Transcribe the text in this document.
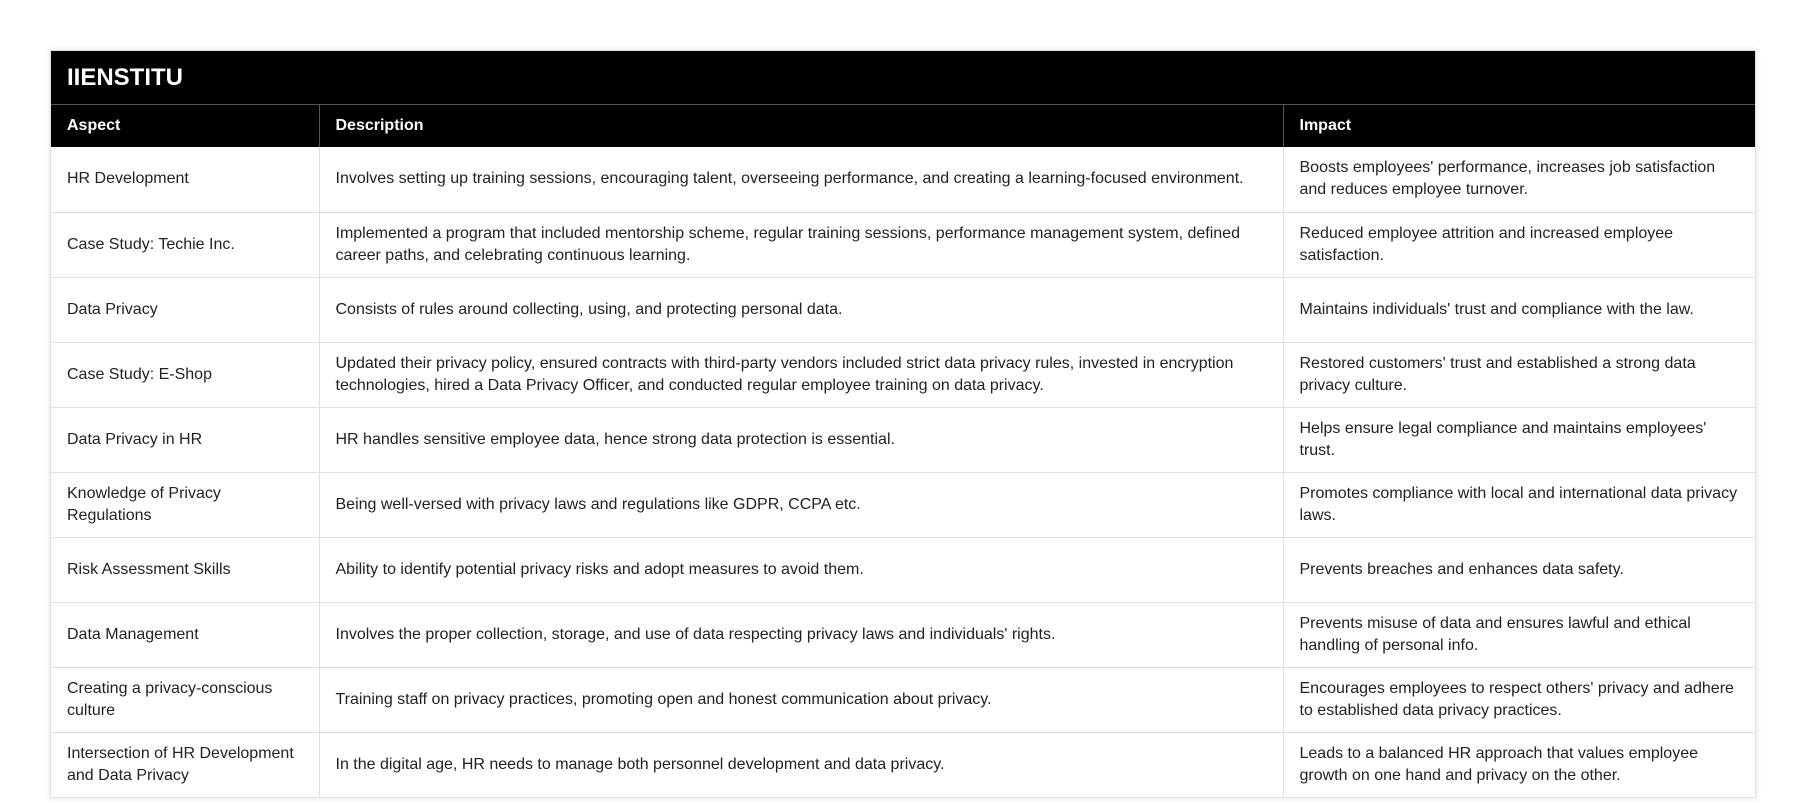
IIENSTITU
Aspect	Description	Impact
HR Development	Involves setting up training sessions, encouraging talent, overseeing performance, and creating a learning-focused environment.	Boosts employees' performance, increases job satisfaction and reduces employee turnover.
Case Study: Techie Inc.	Implemented a program that included mentorship scheme, regular training sessions, performance management system, defined career paths, and celebrating continuous learning.	Reduced employee attrition and increased employee satisfaction.
Data Privacy	Consists of rules around collecting, using, and protecting personal data.	Maintains individuals' trust and compliance with the law.
Case Study: E-Shop	Updated their privacy policy, ensured contracts with third-party vendors included strict data privacy rules, invested in encryption technologies, hired a Data Privacy Officer, and conducted regular employee training on data privacy.	Restored customers' trust and established a strong data privacy culture.
Data Privacy in HR	HR handles sensitive employee data, hence strong data protection is essential.	Helps ensure legal compliance and maintains employees' trust.
Knowledge of Privacy Regulations	Being well-versed with privacy laws and regulations like GDPR, CCPA etc.	Promotes compliance with local and international data privacy laws.
Risk Assessment Skills	Ability to identify potential privacy risks and adopt measures to avoid them.	Prevents breaches and enhances data safety.
Data Management	Involves the proper collection, storage, and use of data respecting privacy laws and individuals' rights.	Prevents misuse of data and ensures lawful and ethical handling of personal info.
Creating a privacy-conscious culture	Training staff on privacy practices, promoting open and honest communication about privacy.	Encourages employees to respect others' privacy and adhere to established data privacy practices.
Intersection of HR Development and Data Privacy	In the digital age, HR needs to manage both personnel development and data privacy.	Leads to a balanced HR approach that values employee growth on one hand and privacy on the other.
